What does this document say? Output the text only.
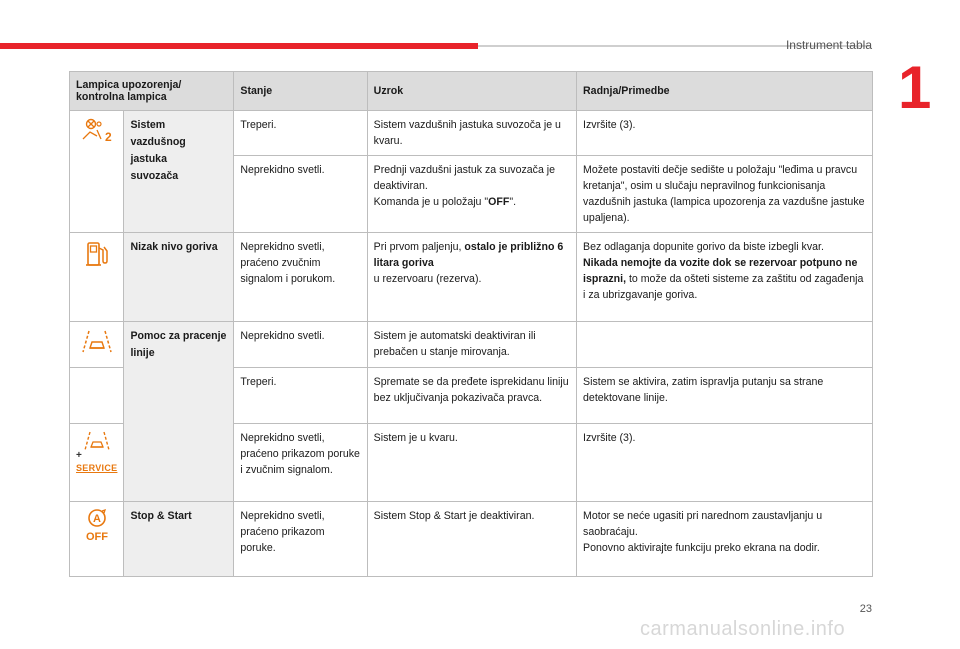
Instrument tabla
1
Lampica upozorenja/
kontrolna lampica		Stanje	Uzrok	Radnja/Primedbe

2	Sistem
vazdušnog
jastuka
suvozača	Treperi.	Sistem vazdušnih jastuka suvozoča je u kvaru.	Izvršite (3).
		Neprekidno svetli.	Prednji vazdušni jastuk za suvozača je deaktiviran.
Komanda je u položaju "OFF".	Možete postaviti dečje sedište u položaju "leđima u pravcu kretanja", osim u slučaju nepravilnog funkcionisanja vazdušnih jastuka (lampica upozorenja za vazdušne jastuke upaljena).

	Nizak nivo goriva	Neprekidno svetli, praćeno zvučnim signalom i porukom.	Pri prvom paljenju, ostalo je približno 6 litara goriva
u rezervoaru (rezerva).	Bez odlaganja dopunite gorivo da biste izbegli kvar.
Nikada nemojte da vozite dok se rezervoar potpuno ne isprazni, to može da ošteti sisteme za zaštitu od zagađenja i za ubrizgavanje goriva.

	Pomoc za pracenje linije	Neprekidno svetli.	Sistem je automatski deaktiviran ili prebačen u stanje mirovanja.	
		Treperi.	Spremate se da pređete isprekidanu liniju bez uključivanja pokazivača pravca.	Sistem se aktivira, zatim ispravlja putanju sa strane detektovane linije.

+
SERVICE		Neprekidno svetli, praćeno prikazom poruke i zvučnim signalom.	Sistem je u kvaru.	Izvršite (3).

A
OFF	Stop & Start	Neprekidno svetli, praćeno prikazom poruke.	Sistem Stop & Start je deaktiviran.	Motor se neće ugasiti pri narednom zaustavljanju u saobraćaju.
Ponovno aktivirajte funkciju preko ekrana na dodir.
23
carmanualsonline.info
